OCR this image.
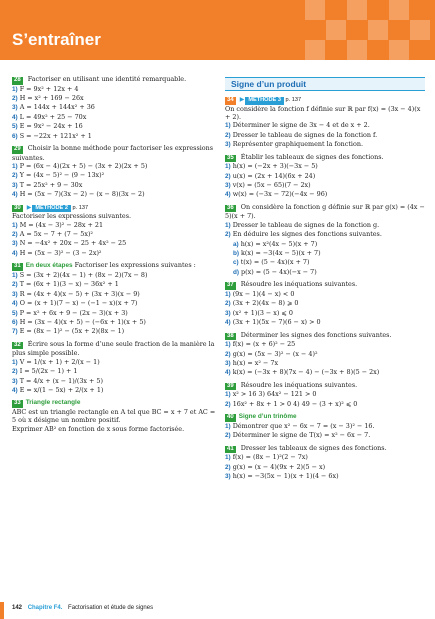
S’entraîner
28 Factoriser en utilisant une identité remarquable.
1) F = 9x² + 12x + 4
2) H = x² + 169 − 26x
3) A = 144x + 144x² + 36
4) L = 49x² + 25 − 70x
5) E = 9x² − 24x + 16
6) S = −22x + 121x² + 1
29 Choisir la bonne méthode pour factoriser les expressions suivantes.
1) P = (6x − 4)(2x + 5) − (3x + 2)(2x + 5)
2) Y = (4x − 5)² − (9 − 13x)²
3) T = 25x² + 9 − 30x
4) H = (5x − 7)(3x − 2) − (x − 8)(3x − 2)
30 ▶ MÉTHODE 2 p. 137
Factoriser les expressions suivantes.
1) M = (4x − 3)² − 28x + 21
2) A = 5x − 7 + (7 − 5x)²
3) N = −4x² + 20x − 25 + 4x² − 25
4) H = (5x − 3)² − (3 − 2x)²
31 En deux étapes Factoriser les expressions suivantes :
1) S = (3x + 2)(4x − 1) + (8x − 2)(7x − 8)
2) T = (6x + 1)(3 − x) − 36x² + 1
3) R = (4x + 4)(x − 5) + (3x + 3)(x − 9)
4) O = (x + 1)(7 − x) − (−1 − x)(x + 7)
5) P = x² + 6x + 9 − (2x − 3)(x + 3)
6) H = (3x − 4)(x + 5) − (−6x + 1)(x + 5)
7) E = (8x − 1)² − (5x + 2)(8x − 1)
32 Écrire sous la forme d’une seule fraction de la manière la plus simple possible.
1) V = 1/(x + 1) + 2/(x − 1)
2) I = 5/(2x − 1) + 1
3) T = 4/x + (x − 1)/(3x + 5)
4) E = x/(1 − 5x) + 2/(x + 1)
33 Triangle rectangle
ABC est un triangle rectangle en A tel que BC = x + 7 et AC = 5 où x désigne un nombre positif.
Exprimer AB² en fonction de x sous forme factorisée.
Signe d’un produit
34 ▶ MÉTHODE 3 p. 137
On considère la fonction f définie sur ℝ par f(x) = (3x − 4)(x + 2).
1) Déterminer le signe de 3x − 4 et de x + 2.
2) Dresser le tableau de signes de la fonction f.
3) Représenter graphiquement la fonction.
35 Établir les tableaux de signes des fonctions.
1) h(x) = (−2x + 3)(−3x − 5)
2) u(x) = (2x + 14)(6x + 24)
3) v(x) = (5x − 65)(7 − 2x)
4) w(x) = (−3x − 72)(−4x − 96)
36 On considère la fonction g définie sur ℝ par g(x) = (4x − 5)(x + 7).
1) Dresser le tableau de signes de la fonction g.
2) En déduire les signes des fonctions suivantes.
a) h(x) = x²(4x − 5)(x + 7)
b) k(x) = −3(4x − 5)(x + 7)
c) t(x) = (5 − 4x)(x + 7)
d) p(x) = (5 − 4x)(−x − 7)
37 Résoudre les inéquations suivantes.
1) (9x − 1)(4 − x) < 0
2) (3x + 2)(4x − 8) ⩾ 0
3) (x² + 1)(3 − x) ⩽ 0
4) (3x + 1)(5x − 7)(6 − x) > 0
38 Déterminer les signes des fonctions suivantes.
1) f(x) = (x + 6)² − 25
2) g(x) = (5x − 3)² − (x − 4)²
3) h(x) = x² − 7x
4) k(x) = (−3x + 8)(7x − 4) − (−3x + 8)(5 − 2x)
39 Résoudre les inéquations suivantes.
1) x² > 16 3) 64x² − 121 > 0
2) 16x² + 8x + 1 > 0 4) 49 − (3 + x)² ⩽ 0
40 Signe d’un trinôme
1) Démontrer que x² − 6x − 7 = (x − 3)² − 16.
2) Déterminer le signe de T(x) = x² − 6x − 7.
41 Dresser les tableaux de signes des fonctions.
1) f(x) = (8x − 1)²(2 − 7x)
2) g(x) = (x − 4)(9x + 2)(5 − x)
3) h(x) = −3(5x − 1)(x + 1)(4 − 6x)
142 Chapitre F4. Factorisation et étude de signes
